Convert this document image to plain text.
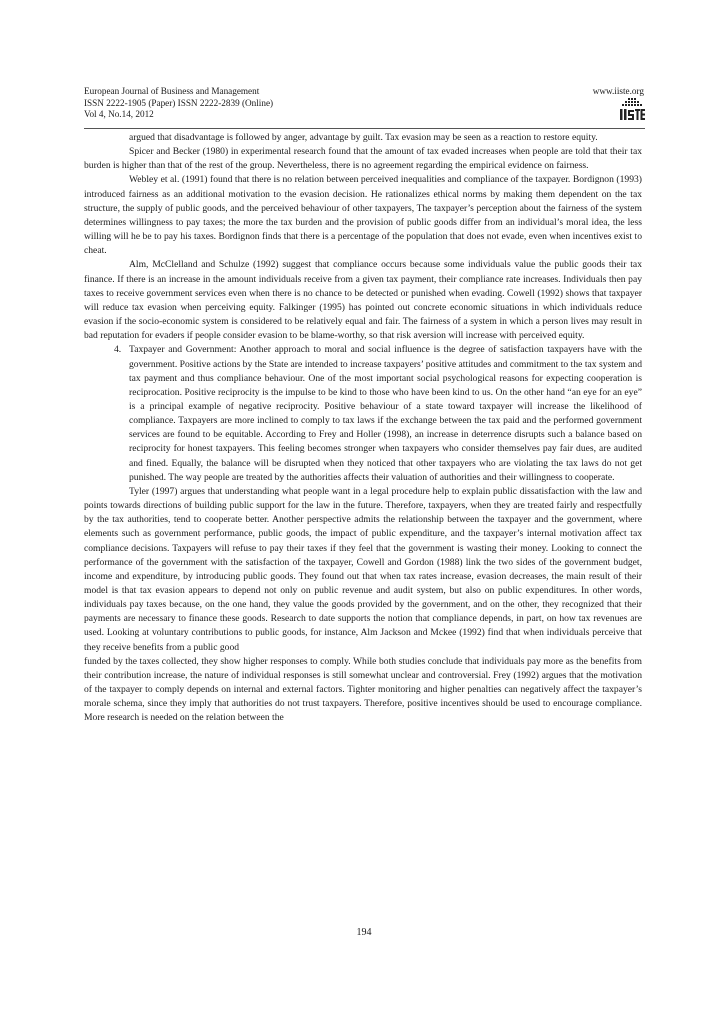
European Journal of Business and Management
ISSN 2222-1905 (Paper) ISSN 2222-2839 (Online)
Vol 4, No.14, 2012
www.iiste.org

argued that disadvantage is followed by anger, advantage by guilt. Tax evasion may be seen as a reaction to restore equity.

Spicer and Becker (1980) in experimental research found that the amount of tax evaded increases when people are told that their tax burden is higher than that of the rest of the group. Nevertheless, there is no agreement regarding the empirical evidence on fairness.

Webley et al. (1991) found that there is no relation between perceived inequalities and compliance of the taxpayer. Bordignon (1993) introduced fairness as an additional motivation to the evasion decision. He rationalizes ethical norms by making them dependent on the tax structure, the supply of public goods, and the perceived behaviour of other taxpayers, The taxpayer’s perception about the fairness of the system determines willingness to pay taxes; the more the tax burden and the provision of public goods differ from an individual’s moral idea, the less willing will he be to pay his taxes. Bordignon finds that there is a percentage of the population that does not evade, even when incentives exist to cheat.

Alm, McClelland and Schulze (1992) suggest that compliance occurs because some individuals value the public goods their tax finance. If there is an increase in the amount individuals receive from a given tax payment, their compliance rate increases. Individuals then pay taxes to receive government services even when there is no chance to be detected or punished when evading. Cowell (1992) shows that taxpayer will reduce tax evasion when perceiving equity. Falkinger (1995) has pointed out concrete economic situations in which individuals reduce evasion if the socio-economic system is considered to be relatively equal and fair. The fairness of a system in which a person lives may result in bad reputation for evaders if people consider evasion to be blame-worthy, so that risk aversion will increase with perceived equity.

4. Taxpayer and Government: Another approach to moral and social influence is the degree of satisfaction taxpayers have with the government. Positive actions by the State are intended to increase taxpayers’ positive attitudes and commitment to the tax system and tax payment and thus compliance behaviour. One of the most important social psychological reasons for expecting cooperation is reciprocation. Positive reciprocity is the impulse to be kind to those who have been kind to us. On the other hand “an eye for an eye” is a principal example of negative reciprocity. Positive behaviour of a state toward taxpayer will increase the likelihood of compliance. Taxpayers are more inclined to comply to tax laws if the exchange between the tax paid and the performed government services are found to be equitable. According to Frey and Holler (1998), an increase in deterrence disrupts such a balance based on reciprocity for honest taxpayers. This feeling becomes stronger when taxpayers who consider themselves pay fair dues, are audited and fined. Equally, the balance will be disrupted when they noticed that other taxpayers who are violating the tax laws do not get punished. The way people are treated by the authorities affects their valuation of authorities and their willingness to cooperate.

Tyler (1997) argues that understanding what people want in a legal procedure help to explain public dissatisfaction with the law and points towards directions of building public support for the law in the future. Therefore, taxpayers, when they are treated fairly and respectfully by the tax authorities, tend to cooperate better. Another perspective admits the relationship between the taxpayer and the government, where elements such as government performance, public goods, the impact of public expenditure, and the taxpayer’s internal motivation affect tax compliance decisions. Taxpayers will refuse to pay their taxes if they feel that the government is wasting their money. Looking to connect the performance of the government with the satisfaction of the taxpayer, Cowell and Gordon (1988) link the two sides of the government budget, income and expenditure, by introducing public goods. They found out that when tax rates increase, evasion decreases, the main result of their model is that tax evasion appears to depend not only on public revenue and audit system, but also on public expenditures. In other words, individuals pay taxes because, on the one hand, they value the goods provided by the government, and on the other, they recognized that their payments are necessary to finance these goods. Research to date supports the notion that compliance depends, in part, on how tax revenues are used. Looking at voluntary contributions to public goods, for instance, Alm Jackson and Mckee (1992) find that when individuals perceive that they receive benefits from a public good

funded by the taxes collected, they show higher responses to comply. While both studies conclude that individuals pay more as the benefits from their contribution increase, the nature of individual responses is still somewhat unclear and controversial. Frey (1992) argues that the motivation of the taxpayer to comply depends on internal and external factors. Tighter monitoring and higher penalties can negatively affect the taxpayer’s morale schema, since they imply that authorities do not trust taxpayers. Therefore, positive incentives should be used to encourage compliance. More research is needed on the relation between the

194
